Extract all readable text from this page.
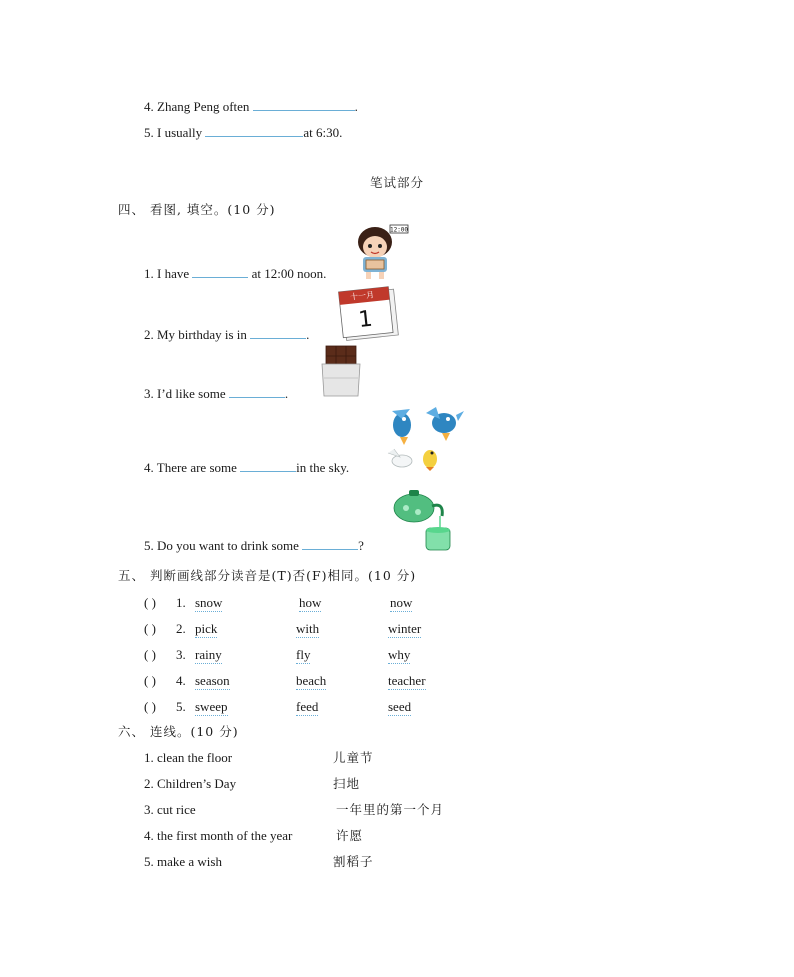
4. Zhang Peng often	.
5. I usually	at 6:30.
笔试部分
四、 看图, 填空。(10 分)
1. I have	at 12:00 noon.
2. My birthday is in	.
3. I’d like some	.
4. There are some	in the sky.
5. Do you want to drink some	?
12:00
十一月
1
五、 判断画线部分读音是(T)否(F)相同。(10 分)
( ) 1. snow	how	now
( ) 2. pick	with	winter
( ) 3. rainy	fly	why
( ) 4. season	beach	teacher
( ) 5. sweep	feed	seed
六、 连线。(10 分)
1. clean the floor
2. Children’s Day
3. cut rice
4. the first month of the year
5. make a wish
儿童节
扫地
一年里的第一个月
许愿
割稻子
